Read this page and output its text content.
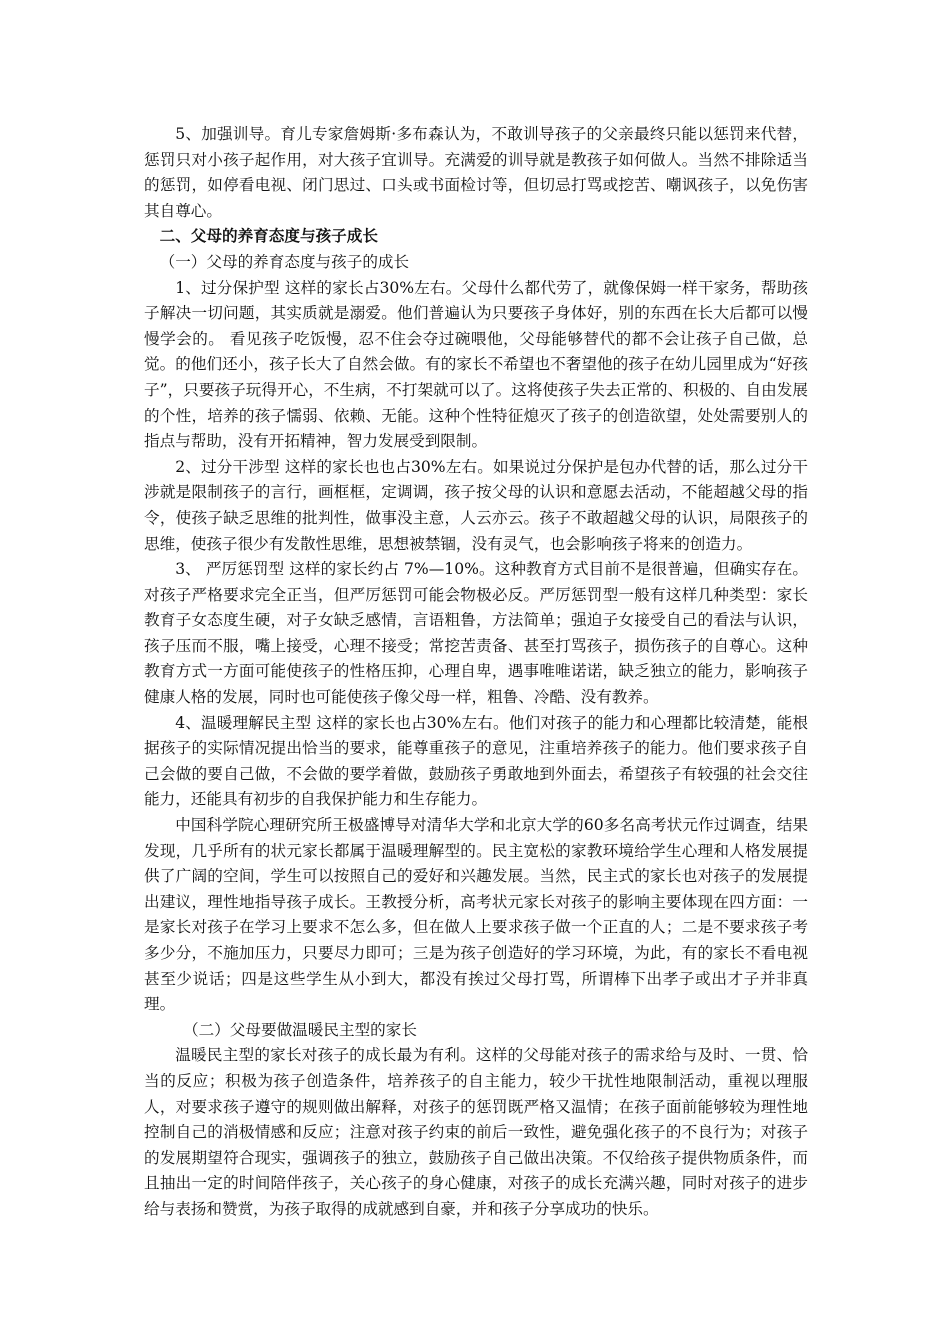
5、加强训导。育儿专家詹姆斯·多布森认为，不敢训导孩子的父亲最终只能以惩罚来代替，惩罚只对小孩子起作用，对大孩子宜训导。充满爱的训导就是教孩子如何做人。当然不排除适当的惩罚，如停看电视、闭门思过、口头或书面检讨等，但切忌打骂或挖苦、嘲讽孩子，以免伤害其自尊心。

二、父母的养育态度与孩子成长

（一）父母的养育态度与孩子的成长

1、过分保护型 这样的家长占30%左右。父母什么都代劳了，就像保姆一样干家务，帮助孩子解决一切问题，其实质就是溺爱。他们普遍认为只要孩子身体好，别的东西在长大后都可以慢慢学会的。 看见孩子吃饭慢，忍不住会夺过碗喂他，父母能够替代的都不会让孩子自己做，总觉。的他们还小，孩子长大了自然会做。有的家长不希望也不奢望他的孩子在幼儿园里成为“好孩子”，只要孩子玩得开心，不生病，不打架就可以了。这将使孩子失去正常的、积极的、自由发展的个性，培养的孩子懦弱、依赖、无能。这种个性特征熄灭了孩子的创造欲望，处处需要别人的指点与帮助，没有开拓精神，智力发展受到限制。

2、过分干涉型 这样的家长也也占30%左右。如果说过分保护是包办代替的话，那么过分干涉就是限制孩子的言行，画框框，定调调，孩子按父母的认识和意愿去活动，不能超越父母的指令，使孩子缺乏思维的批判性，做事没主意，人云亦云。孩子不敢超越父母的认识，局限孩子的思维，使孩子很少有发散性思维，思想被禁锢，没有灵气，也会影响孩子将来的创造力。

3、 严厉惩罚型 这样的家长约占 7%—10%。这种教育方式目前不是很普遍，但确实存在。对孩子严格要求完全正当，但严厉惩罚可能会物极必反。严厉惩罚型一般有这样几种类型：家长教育子女态度生硬，对子女缺乏感情，言语粗鲁，方法简单；强迫子女接受自己的看法与认识，孩子压而不服，嘴上接受，心理不接受；常挖苦责备、甚至打骂孩子，损伤孩子的自尊心。这种教育方式一方面可能使孩子的性格压抑，心理自卑，遇事唯唯诺诺，缺乏独立的能力，影响孩子健康人格的发展，同时也可能使孩子像父母一样，粗鲁、冷酷、没有教养。

4、温暖理解民主型 这样的家长也占30%左右。他们对孩子的能力和心理都比较清楚，能根据孩子的实际情况提出恰当的要求，能尊重孩子的意见，注重培养孩子的能力。他们要求孩子自己会做的要自己做，不会做的要学着做，鼓励孩子勇敢地到外面去，希望孩子有较强的社会交往能力，还能具有初步的自我保护能力和生存能力。

中国科学院心理研究所王极盛博导对清华大学和北京大学的60多名高考状元作过调查，结果发现，几乎所有的状元家长都属于温暖理解型的。民主宽松的家教环境给学生心理和人格发展提供了广阔的空间，学生可以按照自己的爱好和兴趣发展。当然，民主式的家长也对孩子的发展提出建议，理性地指导孩子成长。王教授分析，高考状元家长对孩子的影响主要体现在四方面：一是家长对孩子在学习上要求不怎么多，但在做人上要求孩子做一个正直的人；二是不要求孩子考多少分，不施加压力，只要尽力即可；三是为孩子创造好的学习环境，为此，有的家长不看电视甚至少说话；四是这些学生从小到大，都没有挨过父母打骂，所谓棒下出孝子或出才子并非真理。

（二）父母要做温暖民主型的家长

温暖民主型的家长对孩子的成长最为有利。这样的父母能对孩子的需求给与及时、一贯、恰当的反应；积极为孩子创造条件，培养孩子的自主能力，较少干扰性地限制活动，重视以理服人，对要求孩子遵守的规则做出解释，对孩子的惩罚既严格又温情；在孩子面前能够较为理性地控制自己的消极情感和反应；注意对孩子约束的前后一致性，避免强化孩子的不良行为；对孩子的发展期望符合现实，强调孩子的独立，鼓励孩子自己做出决策。不仅给孩子提供物质条件，而且抽出一定的时间陪伴孩子，关心孩子的身心健康，对孩子的成长充满兴趣，同时对孩子的进步给与表扬和赞赏，为孩子取得的成就感到自豪，并和孩子分享成功的快乐。
